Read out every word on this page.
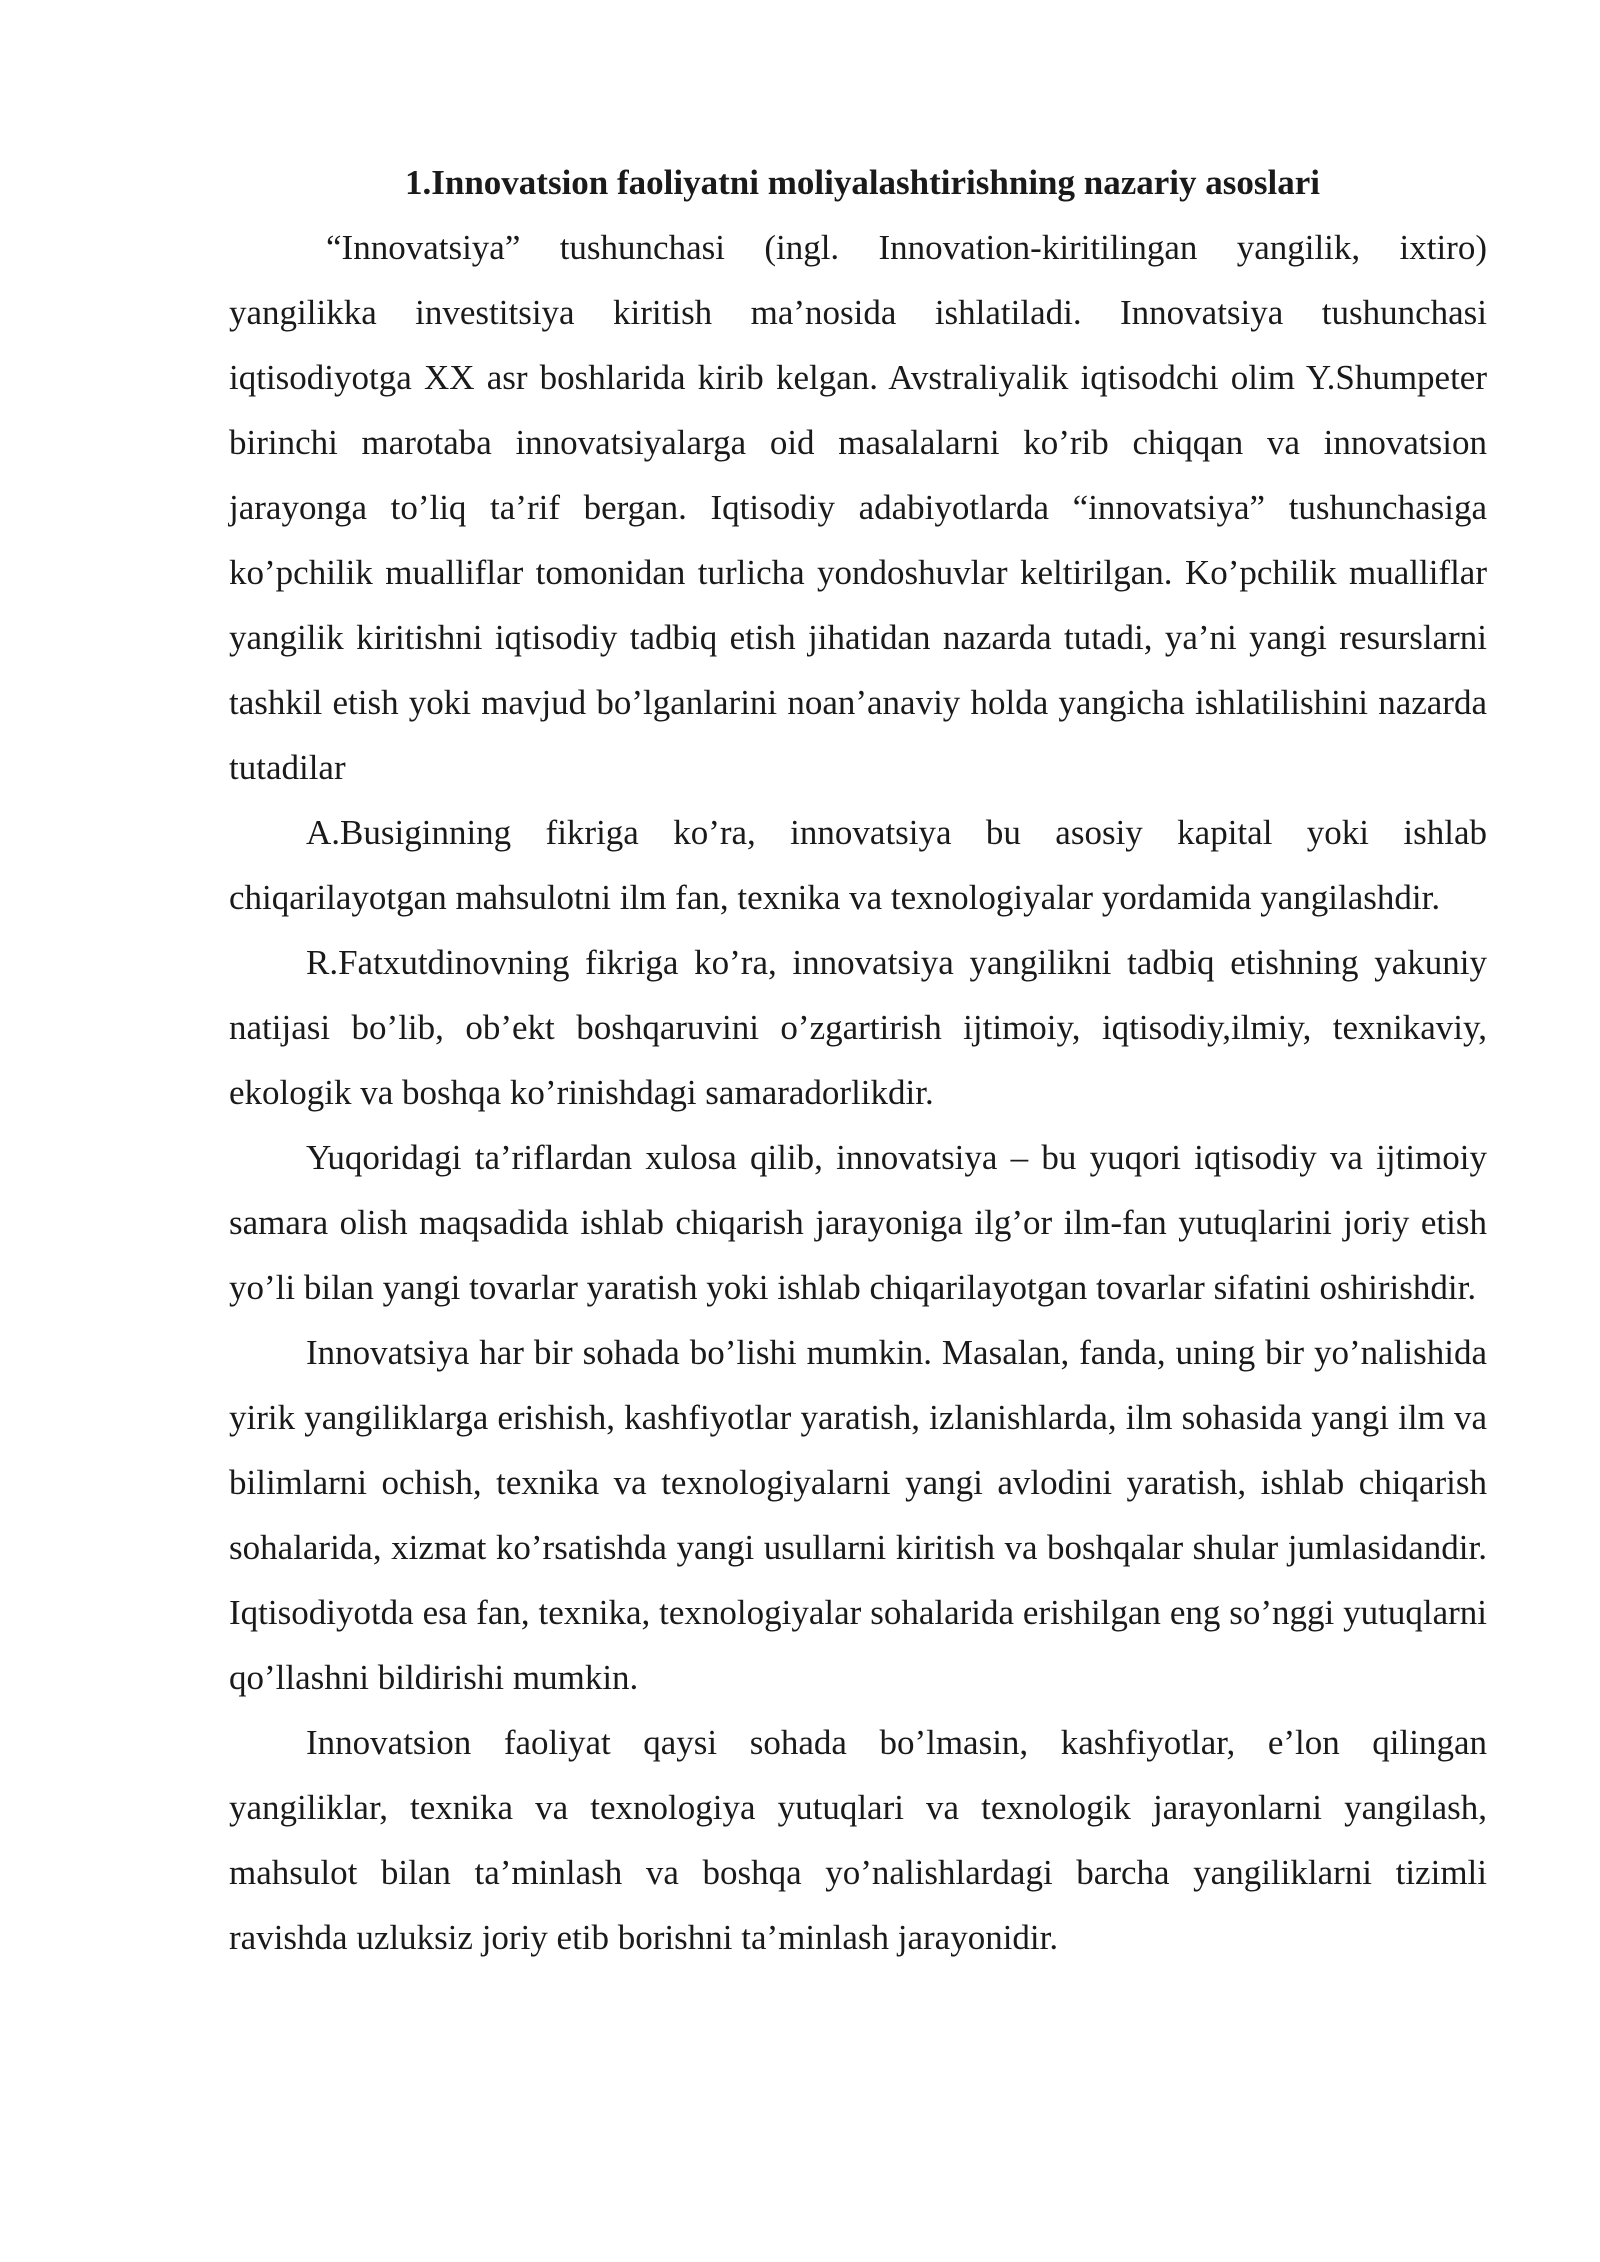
1.Innovatsion faoliyatni moliyalashtirishning nazariy asoslari

“Innovatsiya” tushunchasi (ingl. Innovation-kiritilingan yangilik, ixtiro) yangilikka investitsiya kiritish ma’nosida ishlatiladi. Innovatsiya tushunchasi iqtisodiyotga XX asr boshlarida kirib kelgan. Avstraliyalik iqtisodchi olim Y.Shumpeter birinchi marotaba innovatsiyalarga oid masalalarni ko’rib chiqqan va innovatsion jarayonga to’liq ta’rif bergan. Iqtisodiy adabiyotlarda “innovatsiya” tushunchasiga ko’pchilik mualliflar tomonidan turlicha yondoshuvlar keltirilgan. Ko’pchilik mualliflar yangilik kiritishni iqtisodiy tadbiq etish jihatidan nazarda tutadi, ya’ni yangi resurslarni tashkil etish yoki mavjud bo’lganlarini noan’anaviy holda yangicha ishlatilishini nazarda tutadilar

A.Busiginning fikriga ko’ra, innovatsiya bu asosiy kapital yoki ishlab chiqarilayotgan mahsulotni ilm fan, texnika va texnologiyalar yordamida yangilashdir.

R.Fatxutdinovning fikriga ko’ra, innovatsiya yangilikni tadbiq etishning yakuniy natijasi bo’lib, ob’ekt boshqaruvini o’zgartirish ijtimoiy, iqtisodiy,ilmiy, texnikaviy, ekologik va boshqa ko’rinishdagi samaradorlikdir.

Yuqoridagi ta’riflardan xulosa qilib, innovatsiya – bu yuqori iqtisodiy va ijtimoiy samara olish maqsadida ishlab chiqarish jarayoniga ilg’or ilm-fan yutuqlarini joriy etish yo’li bilan yangi tovarlar yaratish yoki ishlab chiqarilayotgan tovarlar sifatini oshirishdir.

Innovatsiya har bir sohada bo’lishi mumkin. Masalan, fanda, uning bir yo’nalishida yirik yangiliklarga erishish, kashfiyotlar yaratish, izlanishlarda, ilm sohasida yangi ilm va bilimlarni ochish, texnika va texnologiyalarni yangi avlodini yaratish, ishlab chiqarish sohalarida, xizmat ko’rsatishda yangi usullarni kiritish va boshqalar shular jumlasidandir. Iqtisodiyotda esa fan, texnika, texnologiyalar sohalarida erishilgan eng so’nggi yutuqlarni qo’llashni bildirishi mumkin.

Innovatsion faoliyat qaysi sohada bo’lmasin, kashfiyotlar, e’lon qilingan yangiliklar, texnika va texnologiya yutuqlari va texnologik jarayonlarni yangilash, mahsulot bilan ta’minlash va boshqa yo’nalishlardagi barcha yangiliklarni tizimli ravishda uzluksiz joriy etib borishni ta’minlash jarayonidir.
